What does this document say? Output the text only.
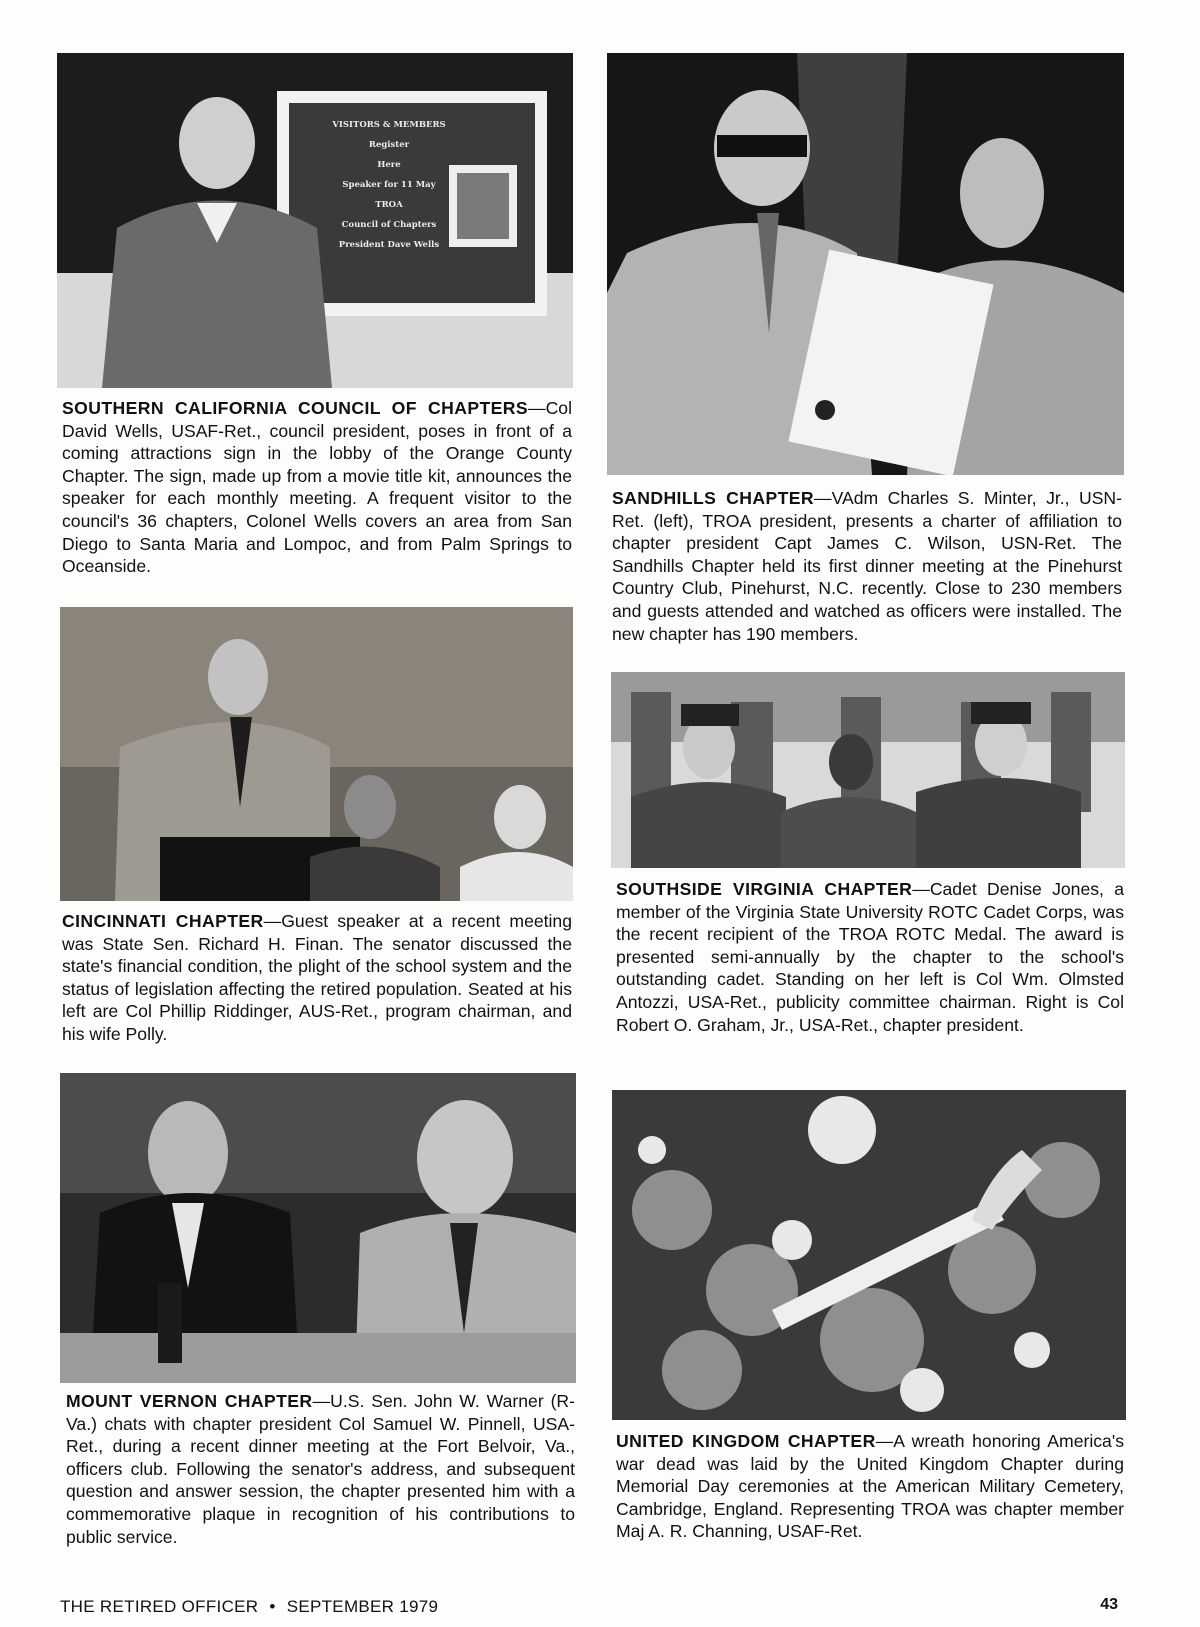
VISITORS & MEMBERS
Register
Here
Speaker for 11 May
TROA
Council of Chapters
President Dave Wells

SOUTHERN CALIFORNIA COUNCIL OF CHAPTERS—Col David Wells, USAF-Ret., council president, poses in front of a coming attractions sign in the lobby of the Orange County Chapter. The sign, made up from a movie title kit, announces the speaker for each monthly meeting. A frequent visitor to the council's 36 chapters, Colonel Wells covers an area from San Diego to Santa Maria and Lompoc, and from Palm Springs to Oceanside.

SANDHILLS CHAPTER—VAdm Charles S. Minter, Jr., USN-Ret. (left), TROA president, presents a charter of affiliation to chapter president Capt James C. Wilson, USN-Ret. The Sandhills Chapter held its first dinner meeting at the Pinehurst Country Club, Pinehurst, N.C. recently. Close to 230 members and guests attended and watched as officers were installed. The new chapter has 190 members.

CINCINNATI CHAPTER—Guest speaker at a recent meeting was State Sen. Richard H. Finan. The senator discussed the state's financial condition, the plight of the school system and the status of legislation affecting the retired population. Seated at his left are Col Phillip Riddinger, AUS-Ret., program chairman, and his wife Polly.

SOUTHSIDE VIRGINIA CHAPTER—Cadet Denise Jones, a member of the Virginia State University ROTC Cadet Corps, was the recent recipient of the TROA ROTC Medal. The award is presented semi-annually by the chapter to the school's outstanding cadet. Standing on her left is Col Wm. Olmsted Antozzi, USA-Ret., publicity committee chairman. Right is Col Robert O. Graham, Jr., USA-Ret., chapter president.

MOUNT VERNON CHAPTER—U.S. Sen. John W. Warner (R-Va.) chats with chapter president Col Samuel W. Pinnell, USA-Ret., during a recent dinner meeting at the Fort Belvoir, Va., officers club. Following the senator's address, and subsequent question and answer session, the chapter presented him with a commemorative plaque in recognition of his contributions to public service.

UNITED KINGDOM CHAPTER—A wreath honoring America's war dead was laid by the United Kingdom Chapter during Memorial Day ceremonies at the American Military Cemetery, Cambridge, England. Representing TROA was chapter member Maj A. R. Channing, USAF-Ret.

THE RETIRED OFFICER • SEPTEMBER 1979	43
